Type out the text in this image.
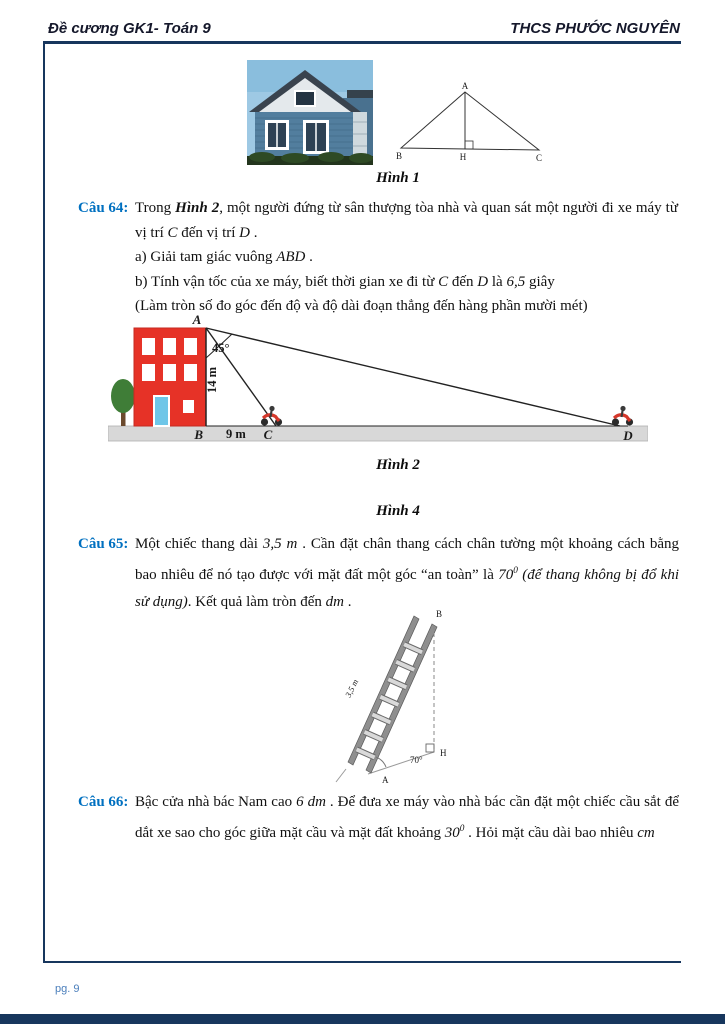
Đề cương GK1- Toán 9	THCS PHƯỚC NGUYÊN
pg. 9
A
B	H	C
Hình 1
Câu 64: Trong Hình 2, một người đứng từ sân thượng tòa nhà và quan sát một người đi xe máy từ vị trí C đến vị trí D .

a) Giải tam giác vuông ABD .

b) Tính vận tốc của xe máy, biết thời gian xe đi từ C đến D là 6,5 giây

(Làm tròn số đo góc đến độ và độ dài đoạn thẳng đến hàng phần mười mét)

A
45°
14 m
B 9 m C	D
Hình 2
Hình 4
Câu 65: Một chiếc thang dài 3,5 m . Cần đặt chân thang cách chân tường một khoảng cách bằng bao nhiêu để nó tạo được với mặt đất một góc “an toàn” là $70^0$ (để thang không bị đổ khi sử dụng). Kết quả làm tròn đến dm .

B
3,5 m
H
70°
A
Câu 66: Bậc cửa nhà bác Nam cao 6 dm . Để đưa xe máy vào nhà bác cần đặt một chiếc cầu sắt để dắt xe sao cho góc giữa mặt cầu và mặt đất khoảng $30^0$ . Hỏi mặt cầu dài bao nhiêu cm
